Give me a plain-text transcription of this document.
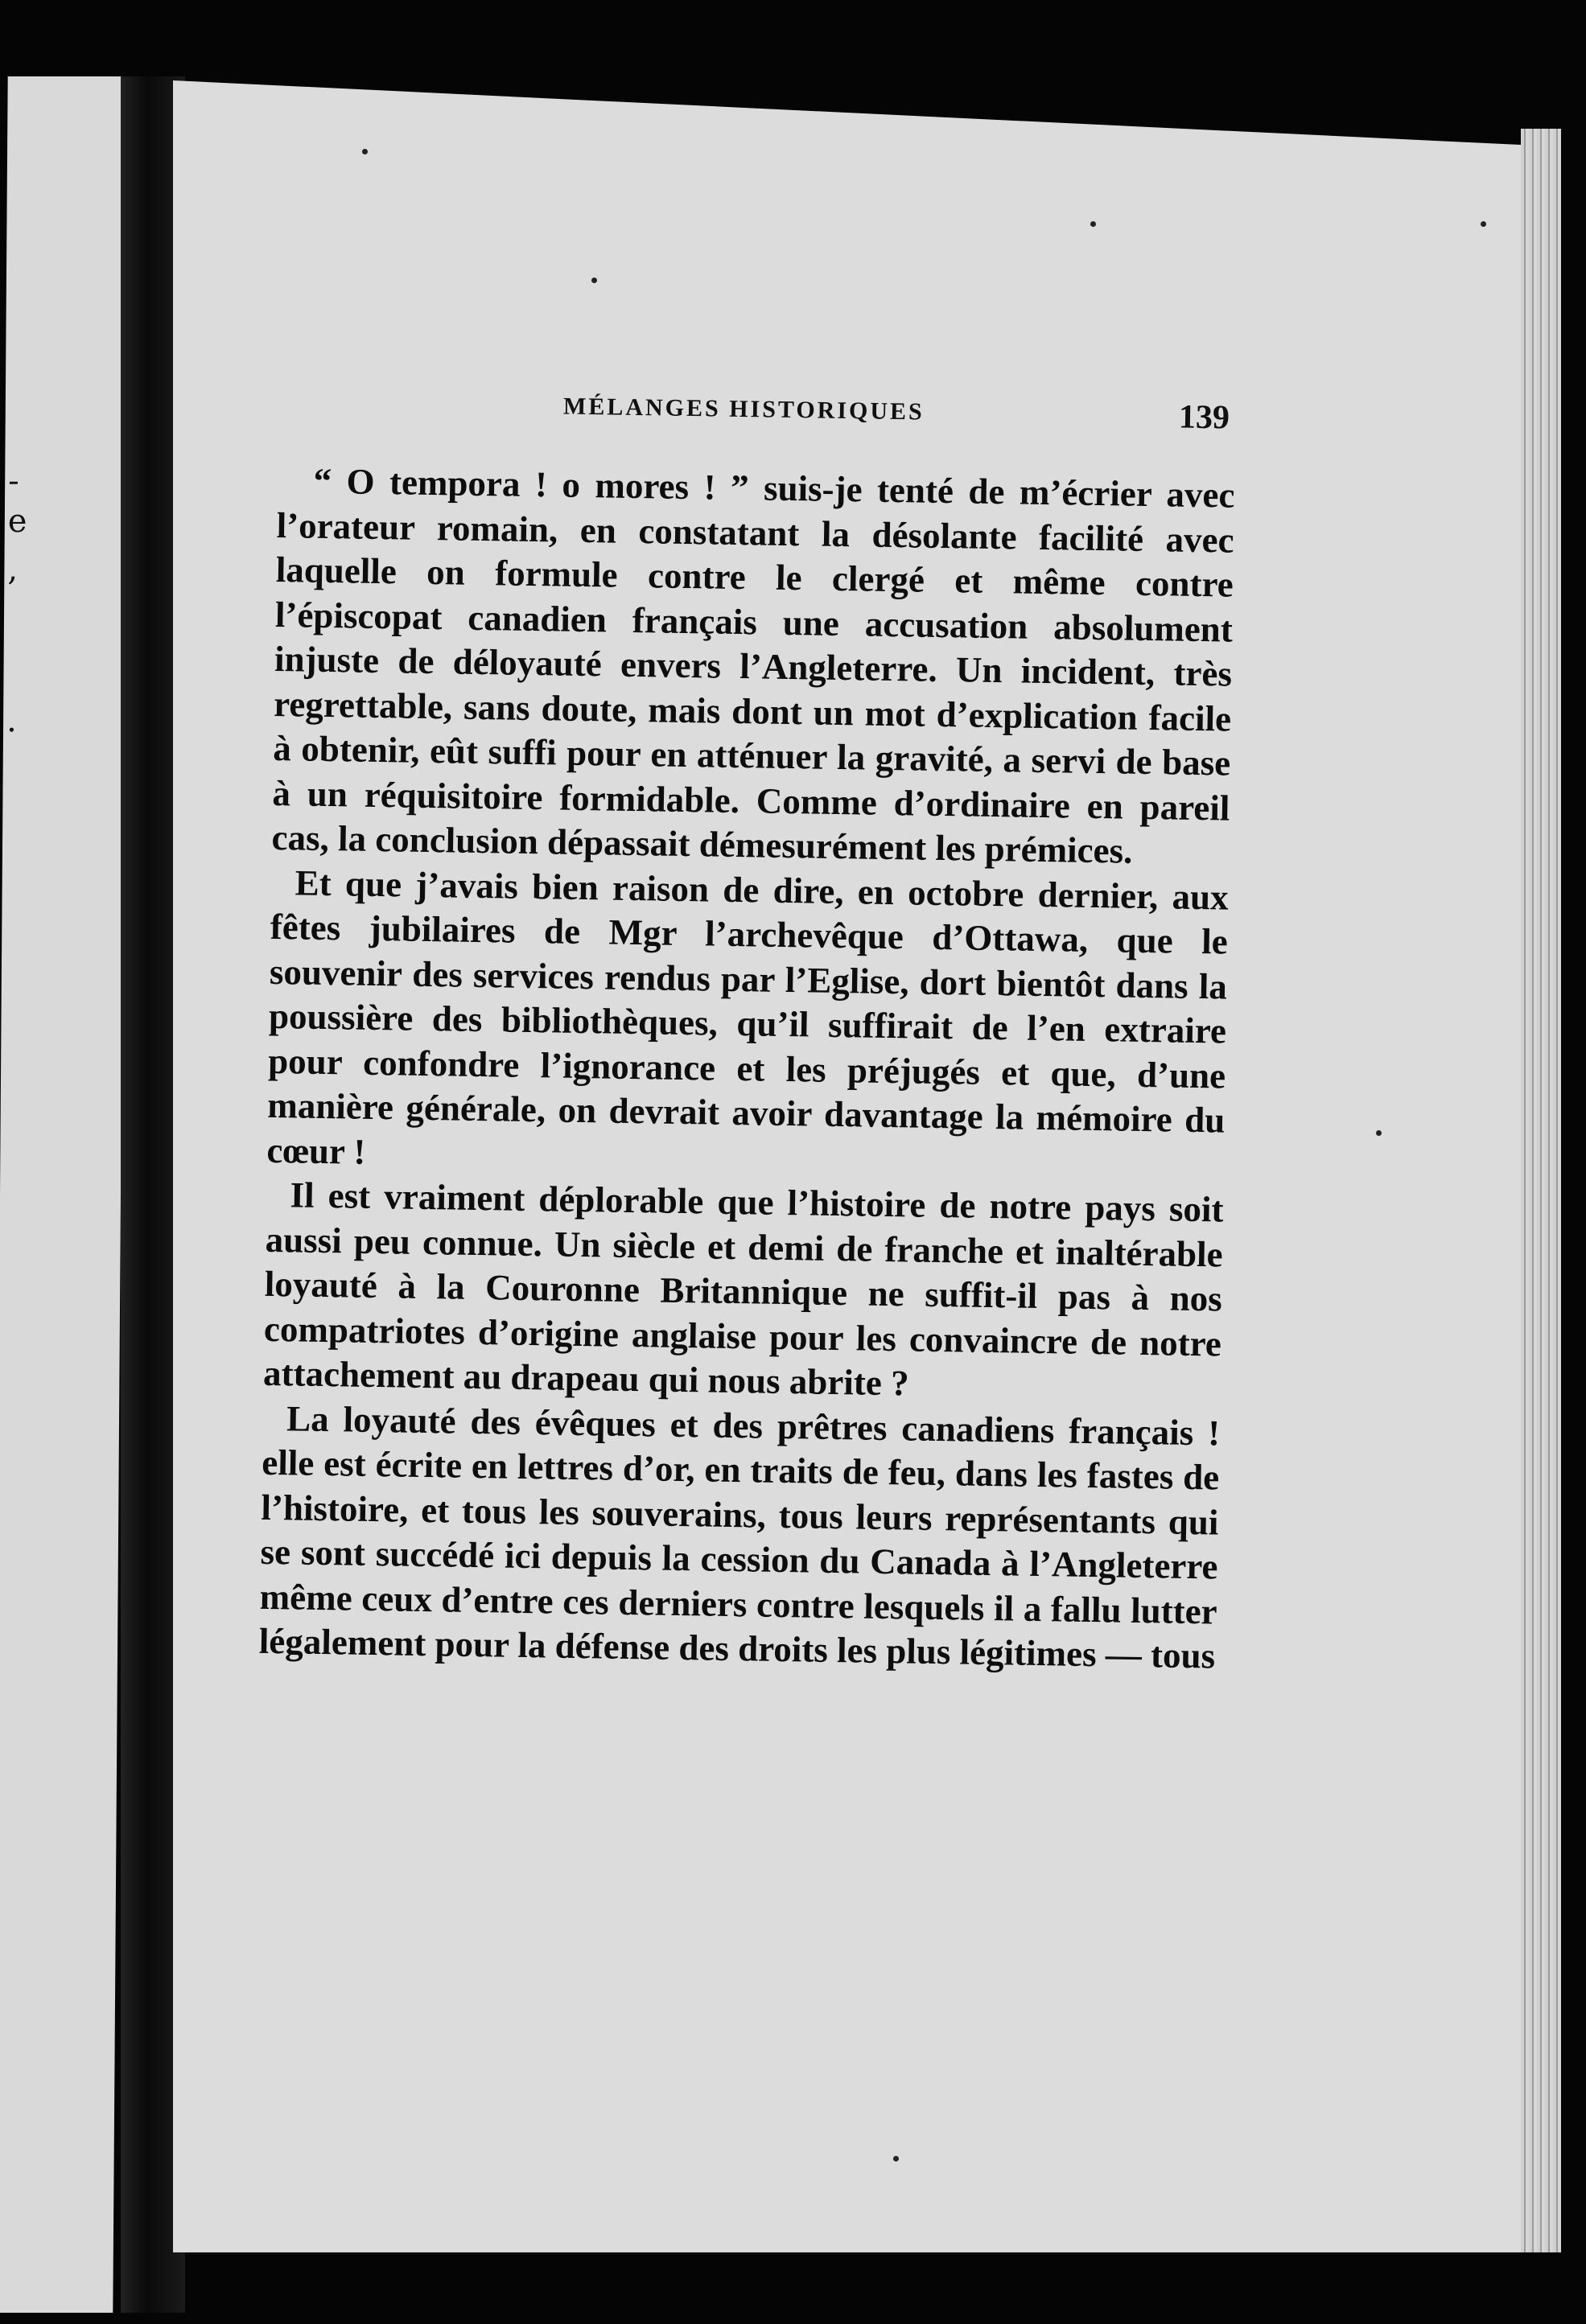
-
e
,
·
MÉLANGES HISTORIQUES	139

“ O tempora ! o mores ! ” suis-je tenté de m’écrier avec l’orateur romain, en constatant la désolante facilité avec laquelle on formule contre le clergé et même contre l’épiscopat canadien français une accusation absolument injuste de déloyauté envers l’Angleterre. Un incident, très regrettable, sans doute, mais dont un mot d’explication facile à obtenir, eût suffi pour en atténuer la gravité, a servi de base à un réquisitoire formidable. Comme d’ordinaire en pareil cas, la conclusion dépassait démesurément les prémices.

Et que j’avais bien raison de dire, en octobre dernier, aux fêtes jubilaires de Mgr l’archevêque d’Ottawa, que le souvenir des services rendus par l’Eglise, dort bientôt dans la poussière des bibliothèques, qu’il suffirait de l’en extraire pour confondre l’ignorance et les préjugés et que, d’une manière générale, on devrait avoir davantage la mémoire du cœur !

Il est vraiment déplorable que l’histoire de notre pays soit aussi peu connue. Un siècle et demi de franche et inaltérable loyauté à la Couronne Britannique ne suffit-il pas à nos compatriotes d’origine anglaise pour les convaincre de notre attachement au drapeau qui nous abrite ?

La loyauté des évêques et des prêtres canadiens français ! elle est écrite en lettres d’or, en traits de feu, dans les fastes de l’histoire, et tous les souverains, tous leurs représentants qui se sont succédé ici depuis la cession du Canada à l’Angleterre même ceux d’entre ces derniers contre lesquels il a fallu lutter légalement pour la défense des droits les plus légitimes — tous
